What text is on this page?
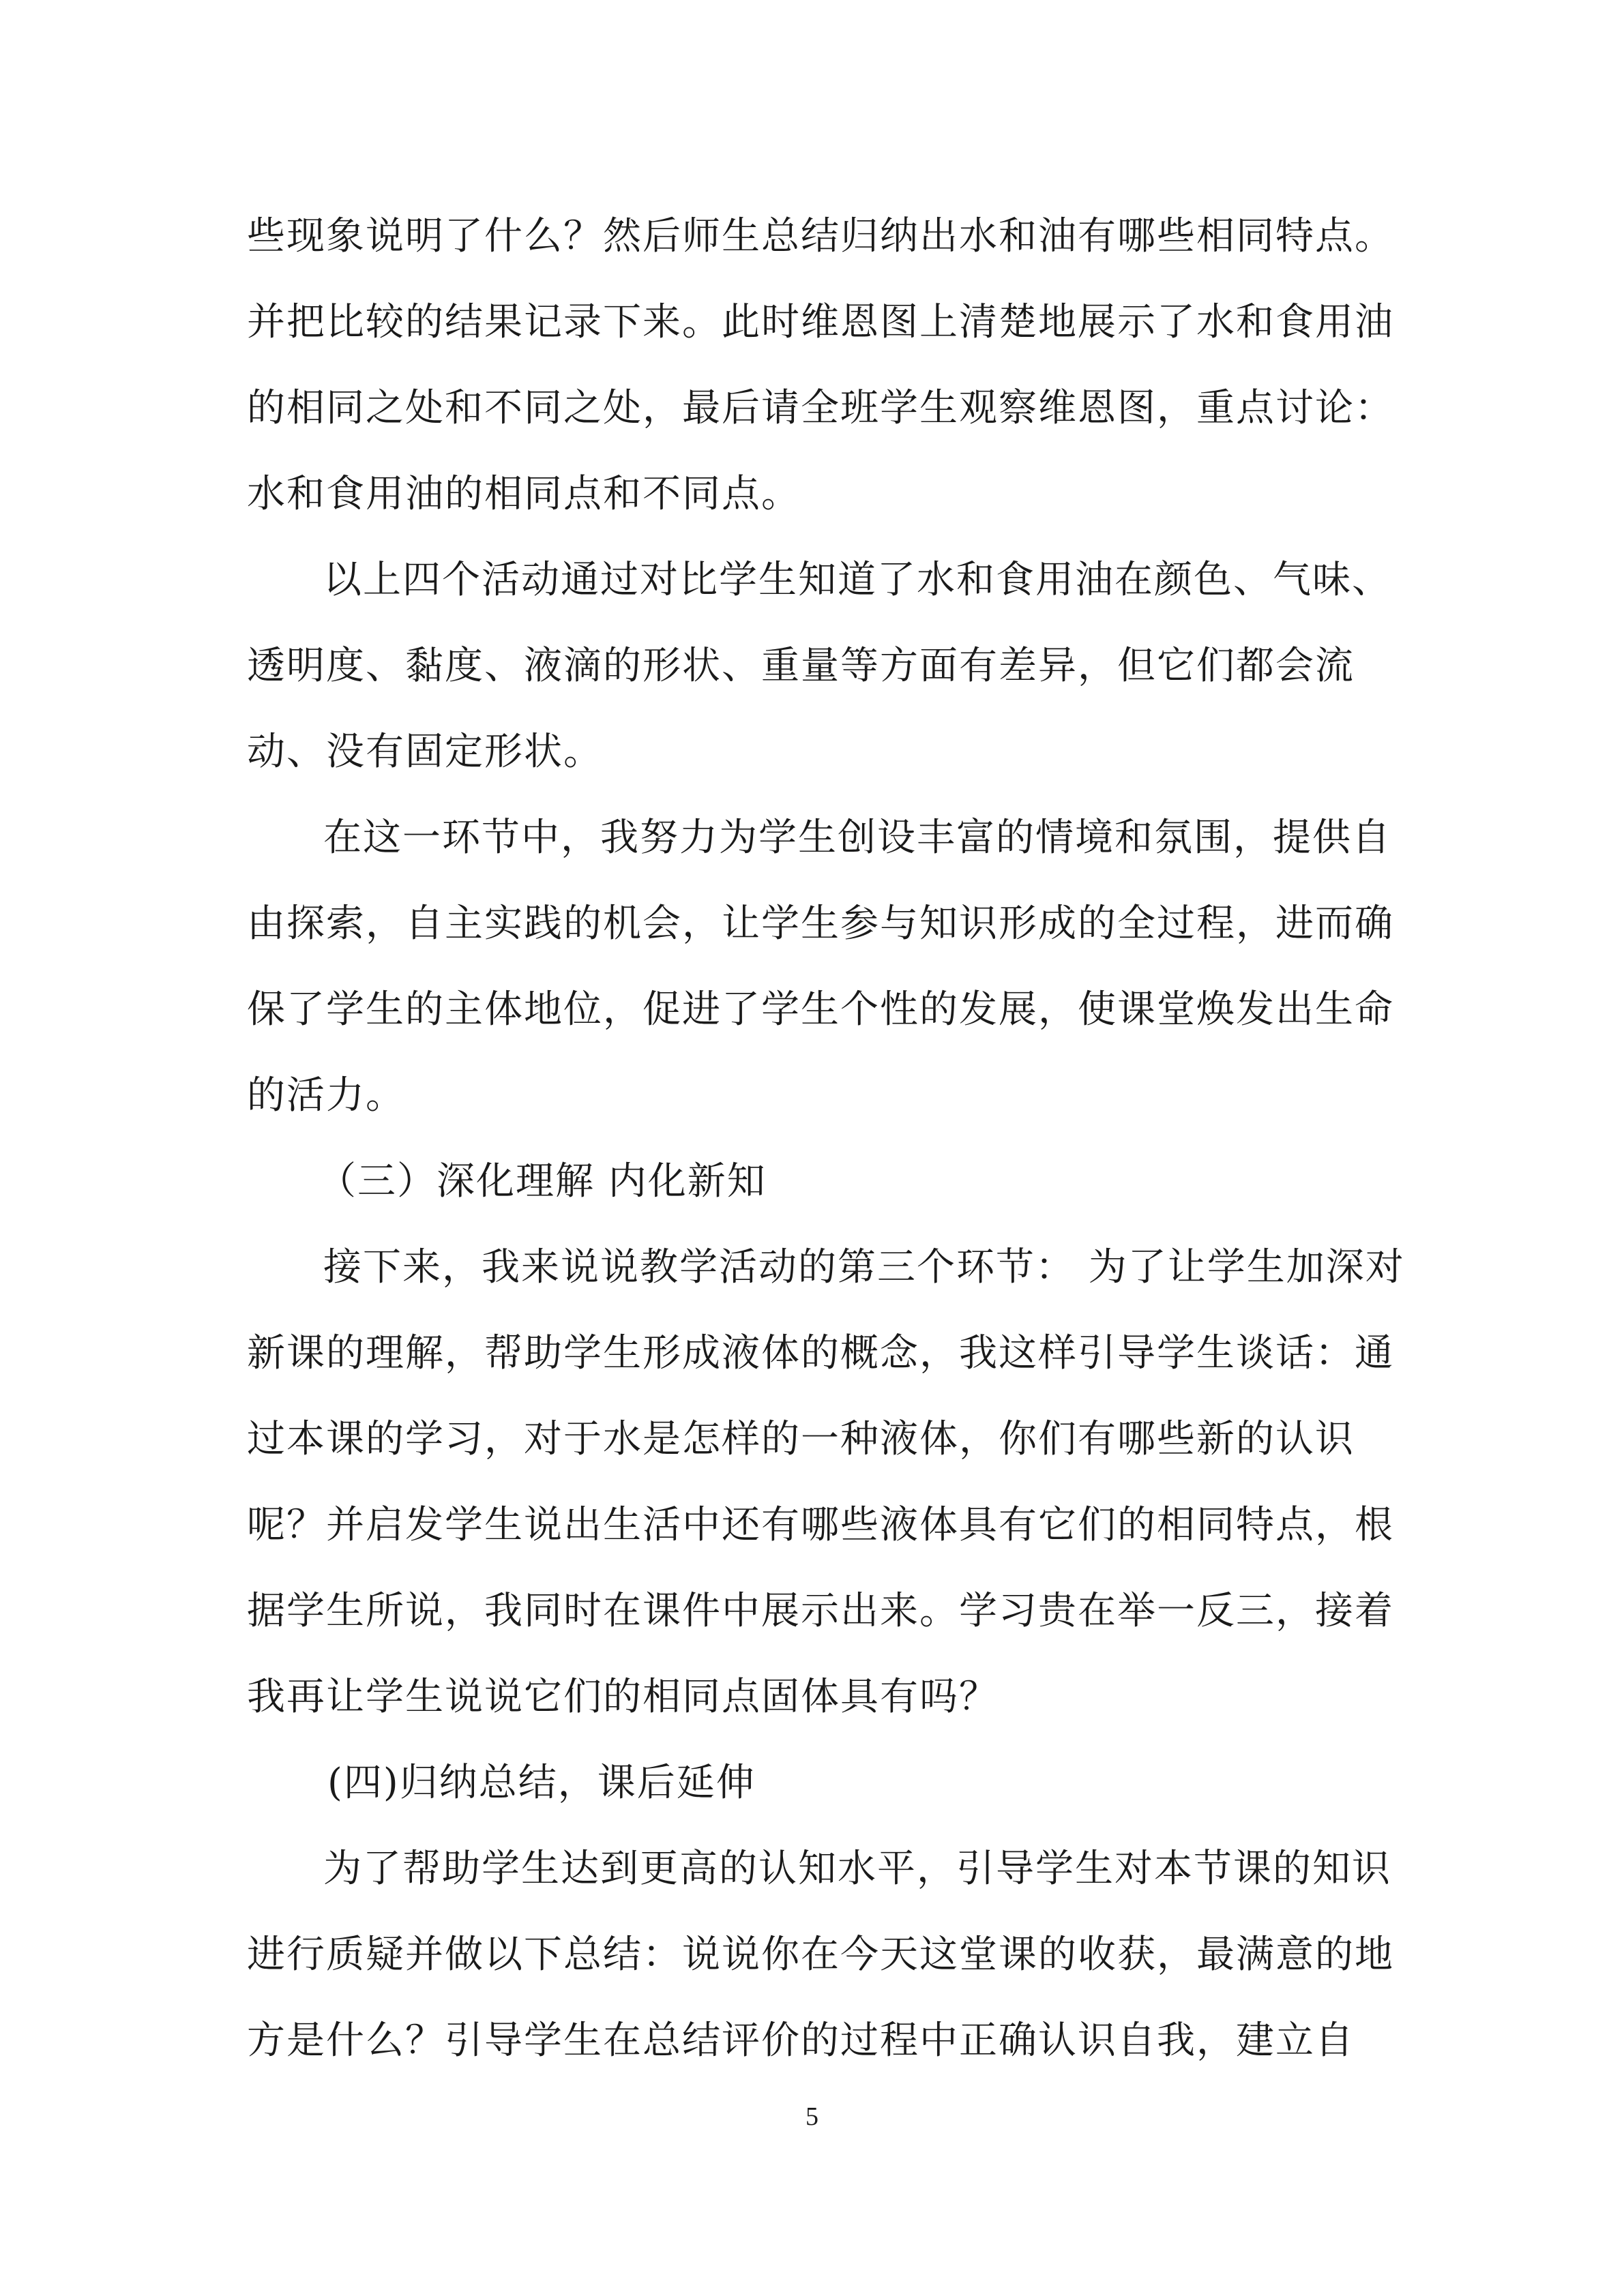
些现象说明了什么？然后师生总结归纳出水和油有哪些相同特点。
并把比较的结果记录下来。此时维恩图上清楚地展示了水和食用油
的相同之处和不同之处，最后请全班学生观察维恩图，重点讨论：
水和食用油的相同点和不同点。
以上四个活动通过对比学生知道了水和食用油在颜色、气味、
透明度、黏度、液滴的形状、重量等方面有差异，但它们都会流
动、没有固定形状。
在这一环节中，我努力为学生创设丰富的情境和氛围，提供自
由探索，自主实践的机会，让学生参与知识形成的全过程，进而确
保了学生的主体地位，促进了学生个性的发展，使课堂焕发出生命
的活力。
（三）深化理解 内化新知
接下来，我来说说教学活动的第三个环节： 为了让学生加深对
新课的理解，帮助学生形成液体的概念，我这样引导学生谈话：通
过本课的学习，对于水是怎样的一种液体，你们有哪些新的认识
呢？并启发学生说出生活中还有哪些液体具有它们的相同特点，根
据学生所说，我同时在课件中展示出来。学习贵在举一反三，接着
我再让学生说说它们的相同点固体具有吗？
(四)归纳总结，课后延伸
为了帮助学生达到更高的认知水平，引导学生对本节课的知识
进行质疑并做以下总结：说说你在今天这堂课的收获，最满意的地
方是什么？引导学生在总结评价的过程中正确认识自我，建立自
5
